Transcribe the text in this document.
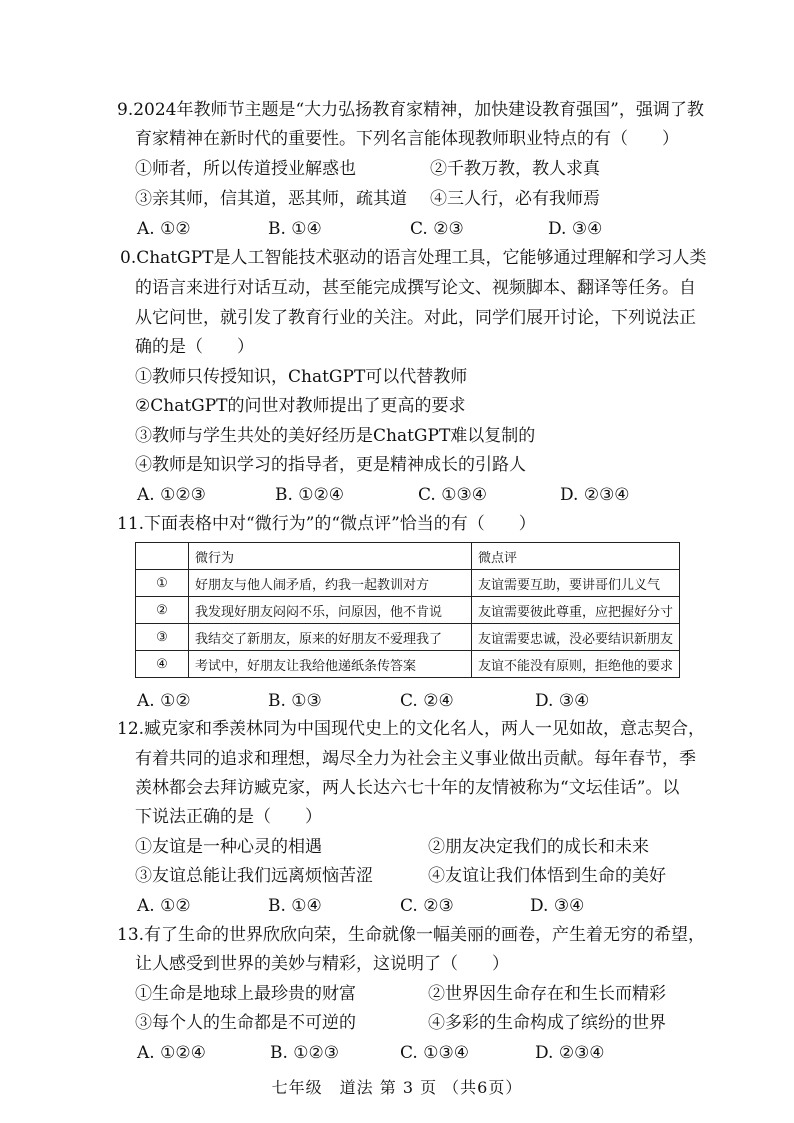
9.2024年教师节主题是“大力弘扬教育家精神，加快建设教育强国”，强调了教
育家精神在新时代的重要性。下列名言能体现教师职业特点的有（　　）
①师者，所以传道授业解惑也	②千教万教，教人求真
③亲其师，信其道，恶其师，疏其道 ④三人行，必有我师焉
A. ①②	B. ①④	C. ②③	D. ③④
0.ChatGPT是人工智能技术驱动的语言处理工具，它能够通过理解和学习人类
的语言来进行对话互动，甚至能完成撰写论文、视频脚本、翻译等任务。自
从它问世，就引发了教育行业的关注。对此，同学们展开讨论，下列说法正
确的是（　　）
①教师只传授知识，ChatGPT可以代替教师
②ChatGPT的问世对教师提出了更高的要求
③教师与学生共处的美好经历是ChatGPT难以复制的
④教师是知识学习的指导者，更是精神成长的引路人
A. ①②③	B. ①②④	C. ①③④	D. ②③④
11.下面表格中对“微行为”的“微点评”恰当的有（　　）
	微行为	微点评
①	好朋友与他人闹矛盾，约我一起教训对方	友谊需要互助，要讲哥们儿义气
②	我发现好朋友闷闷不乐，问原因，他不肯说	友谊需要彼此尊重，应把握好分寸
③	我结交了新朋友，原来的好朋友不爱理我了	友谊需要忠诚，没必要结识新朋友
④	考试中，好朋友让我给他递纸条传答案	友谊不能没有原则，拒绝他的要求
A. ①②	B. ①③	C. ②④	D. ③④
12.臧克家和季羡林同为中国现代史上的文化名人，两人一见如故，意志契合，
有着共同的追求和理想，竭尽全力为社会主义事业做出贡献。每年春节，季
羡林都会去拜访臧克家，两人长达六七十年的友情被称为“文坛佳话”。以
下说法正确的是（　　）
①友谊是一种心灵的相遇	②朋友决定我们的成长和未来
③友谊总能让我们远离烦恼苦涩	④友谊让我们体悟到生命的美好
A. ①②	B. ①④	C. ②③	D. ③④
13.有了生命的世界欣欣向荣，生命就像一幅美丽的画卷，产生着无穷的希望，
让人感受到世界的美妙与精彩，这说明了（　　）
①生命是地球上最珍贵的财富	②世界因生命存在和生长而精彩
③每个人的生命都是不可逆的	④多彩的生命构成了缤纷的世界
A. ①②④	B. ①②③	C. ①③④	D. ②③④
七年级　道法 第 3 页 （共6页）
